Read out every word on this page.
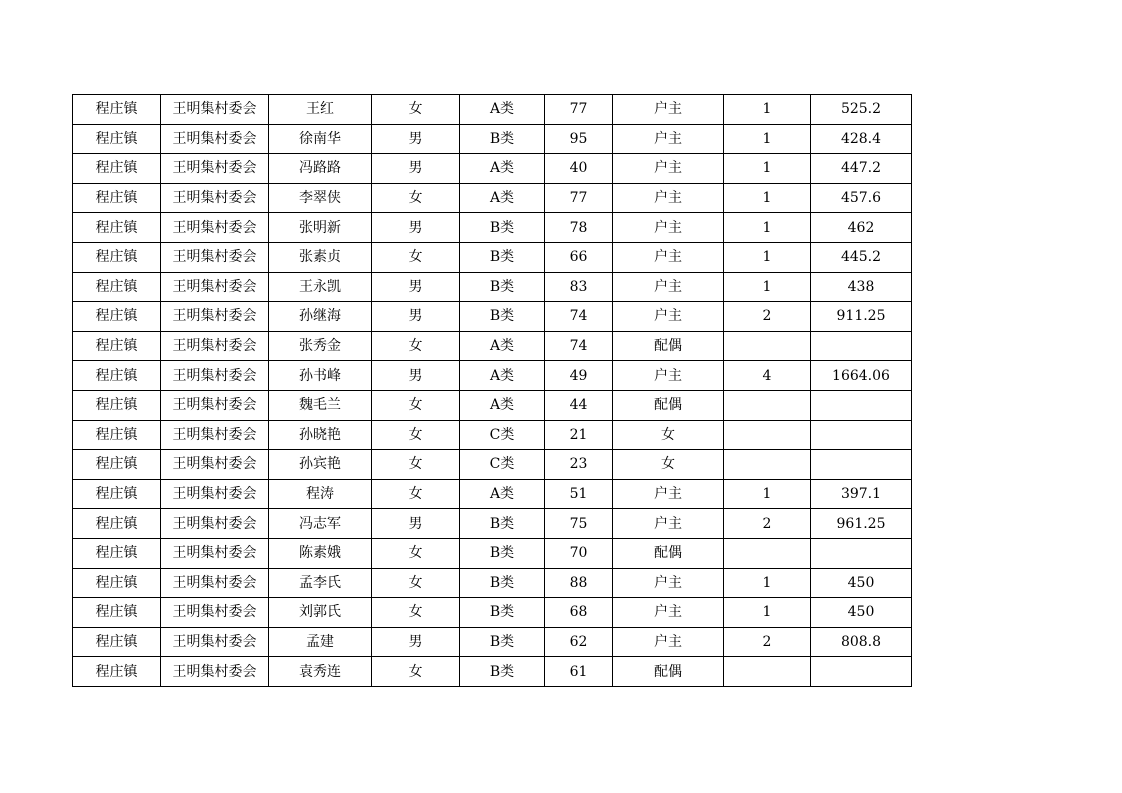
程庄镇	王明集村委会	王红	女	A类	77	户主	1	525.2
程庄镇	王明集村委会	徐南华	男	B类	95	户主	1	428.4
程庄镇	王明集村委会	冯路路	男	A类	40	户主	1	447.2
程庄镇	王明集村委会	李翠侠	女	A类	77	户主	1	457.6
程庄镇	王明集村委会	张明新	男	B类	78	户主	1	462
程庄镇	王明集村委会	张素贞	女	B类	66	户主	1	445.2
程庄镇	王明集村委会	王永凯	男	B类	83	户主	1	438
程庄镇	王明集村委会	孙继海	男	B类	74	户主	2	911.25
程庄镇	王明集村委会	张秀金	女	A类	74	配偶		
程庄镇	王明集村委会	孙书峰	男	A类	49	户主	4	1664.06
程庄镇	王明集村委会	魏毛兰	女	A类	44	配偶		
程庄镇	王明集村委会	孙晓艳	女	C类	21	女		
程庄镇	王明集村委会	孙宾艳	女	C类	23	女		
程庄镇	王明集村委会	程涛	女	A类	51	户主	1	397.1
程庄镇	王明集村委会	冯志军	男	B类	75	户主	2	961.25
程庄镇	王明集村委会	陈素娥	女	B类	70	配偶		
程庄镇	王明集村委会	孟李氏	女	B类	88	户主	1	450
程庄镇	王明集村委会	刘郭氏	女	B类	68	户主	1	450
程庄镇	王明集村委会	孟建	男	B类	62	户主	2	808.8
程庄镇	王明集村委会	袁秀连	女	B类	61	配偶		
